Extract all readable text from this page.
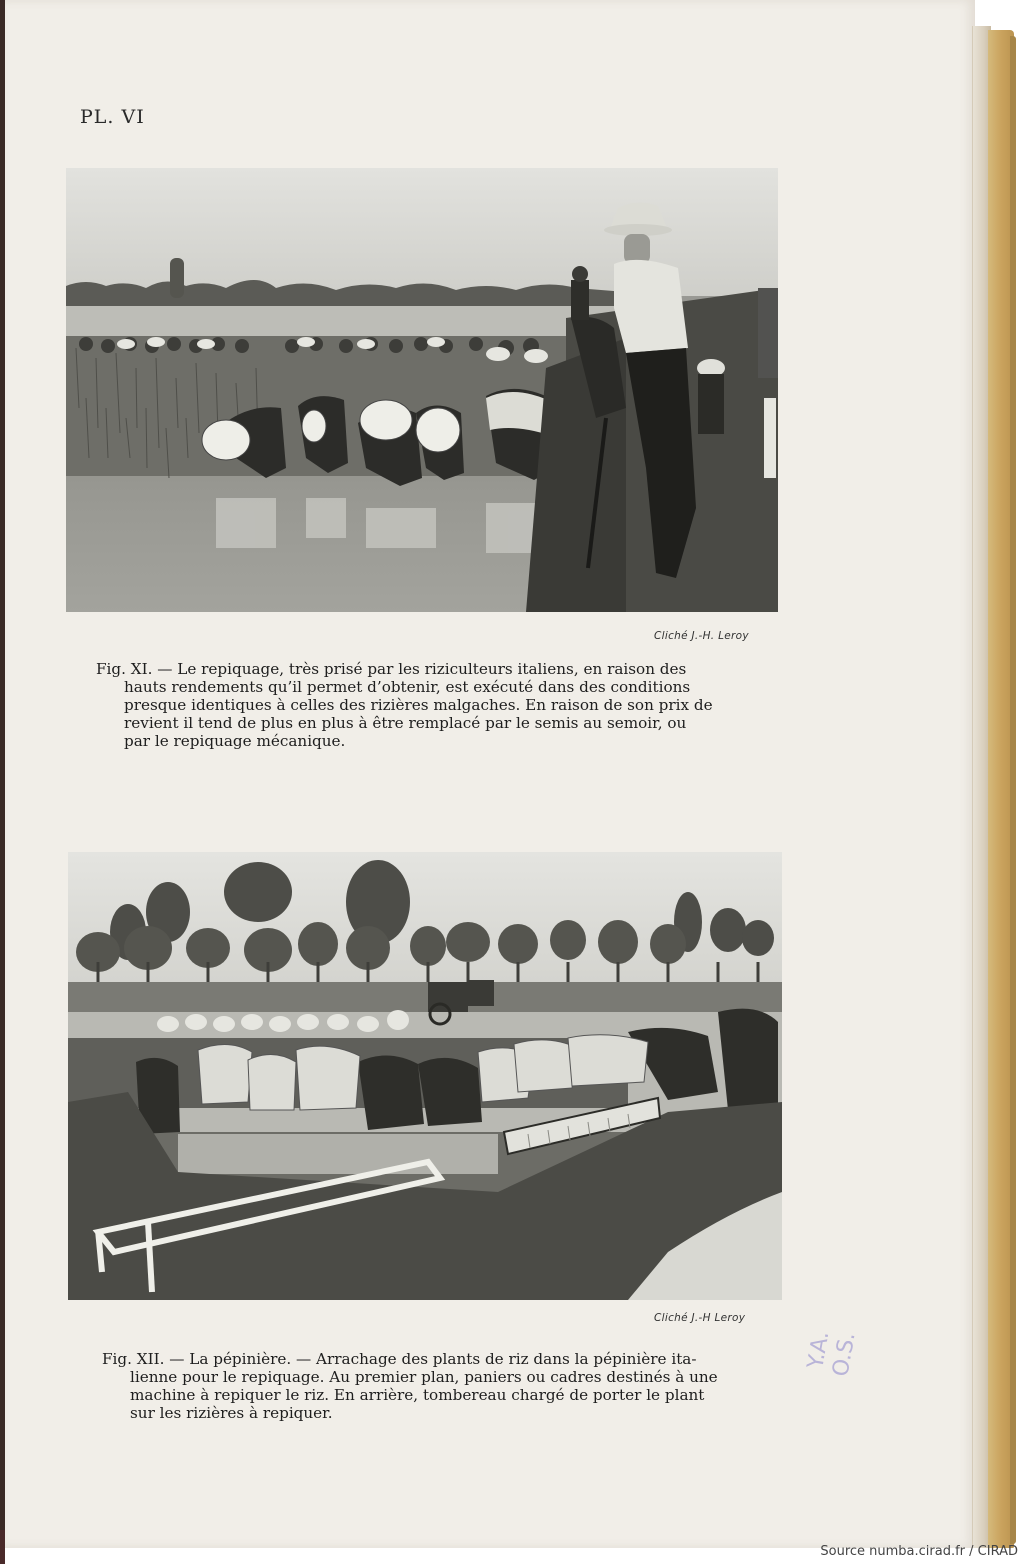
PL. VI
Cliché J.-H. Leroy
Fig. XI. — Le repiquage, très prisé par les riziculteurs italiens, en raison des
hauts rendements qu’il permet d’obtenir, est exécuté dans des conditions
presque identiques à celles des rizières malgaches. En raison de son prix de
revient il tend de plus en plus à être remplacé par le semis au semoir, ou
par le repiquage mécanique.
Cliché J.-H Leroy
Fig. XII. — La pépinière. — Arrachage des plants de riz dans la pépinière ita-
lienne pour le repiquage. Au premier plan, paniers ou cadres destinés à une
machine à repiquer le riz. En arrière, tombereau chargé de porter le plant
sur les rizières à repiquer.
Y.A.
O.S.
Source numba.cirad.fr / CIRAD
